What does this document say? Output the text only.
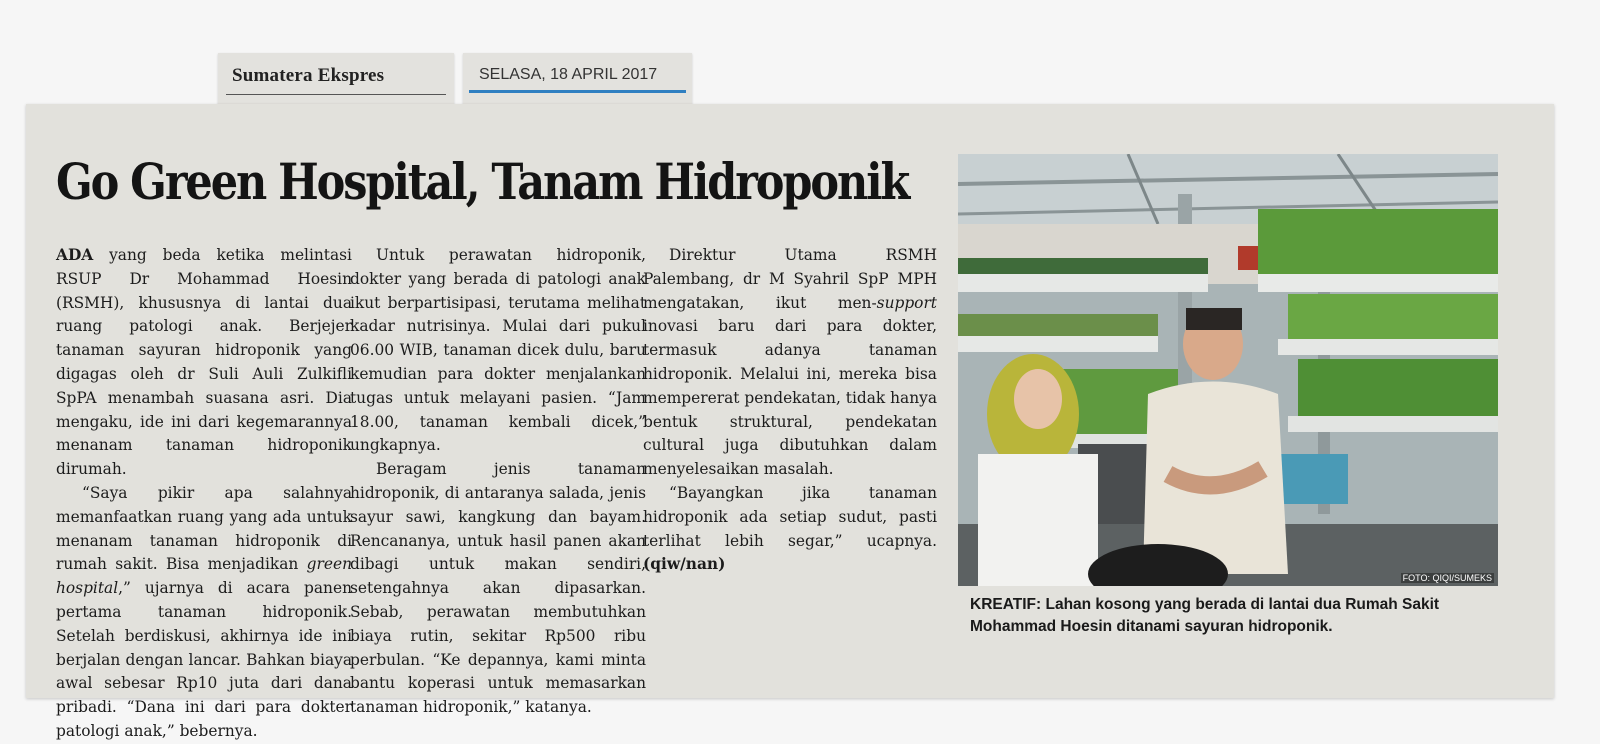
Sumatera Ekspres	SELASA, 18 APRIL 2017
Go Green Hospital, Tanam Hidroponik

ADA yang beda ketika melintasi RSUP Dr Mohammad Hoesin (RSMH), khususnya di lantai dua ruang patologi anak. Berjejer tanaman sayuran hidroponik yang digagas oleh dr Suli Auli Zulkifli SpPA menambah suasana asri. Dia mengaku, ide ini dari kegemarannya menanam tanaman hidroponik dirumah.

“Saya pikir apa salahnya memanfaatkan ruang yang ada untuk menanam tanaman hidroponik di rumah sakit. Bisa menjadikan green hospital,” ujarnya di acara panen pertama tanaman hidroponik. Setelah berdiskusi, akhirnya ide ini berjalan dengan lancar. Bahkan biaya awal sebesar Rp10 juta dari dana pribadi. “Dana ini dari para dokter patologi anak,” bebernya.

Untuk perawatan hidroponik, dokter yang berada di patologi anak ikut berpartisipasi, terutama melihat kadar nutrisinya. Mulai dari pukul 06.00 WIB, tanaman dicek dulu, baru kemudian para dokter menjalankan tugas untuk melayani pasien. “Jam 18.00, tanaman kembali dicek,” ungkapnya.

Beragam jenis tanaman hidroponik, di antaranya salada, jenis sayur sawi, kangkung dan bayam. Rencananya, untuk hasil panen akan dibagi untuk makan sendiri, setengahnya akan dipasarkan. Sebab, perawatan membutuhkan biaya rutin, sekitar Rp500 ribu perbulan. “Ke depannya, kami minta bantu koperasi untuk memasarkan tanaman hidroponik,” katanya.

Direktur Utama RSMH Palembang, dr M Syahril SpP MPH mengatakan, ikut men-support inovasi baru dari para dokter, termasuk adanya tanaman hidroponik. Melalui ini, mereka bisa mempererat pendekatan, tidak hanya bentuk struktural, pendekatan cultural juga dibutuhkan dalam menyelesaikan masalah.

“Bayangkan jika tanaman hidroponik ada setiap sudut, pasti terlihat lebih segar,” ucapnya. (qiw/nan)

FOTO: QIQI/SUMEKS
KREATIF: Lahan kosong yang berada di lantai dua Rumah Sakit Mohammad Hoesin ditanami sayuran hidroponik.
